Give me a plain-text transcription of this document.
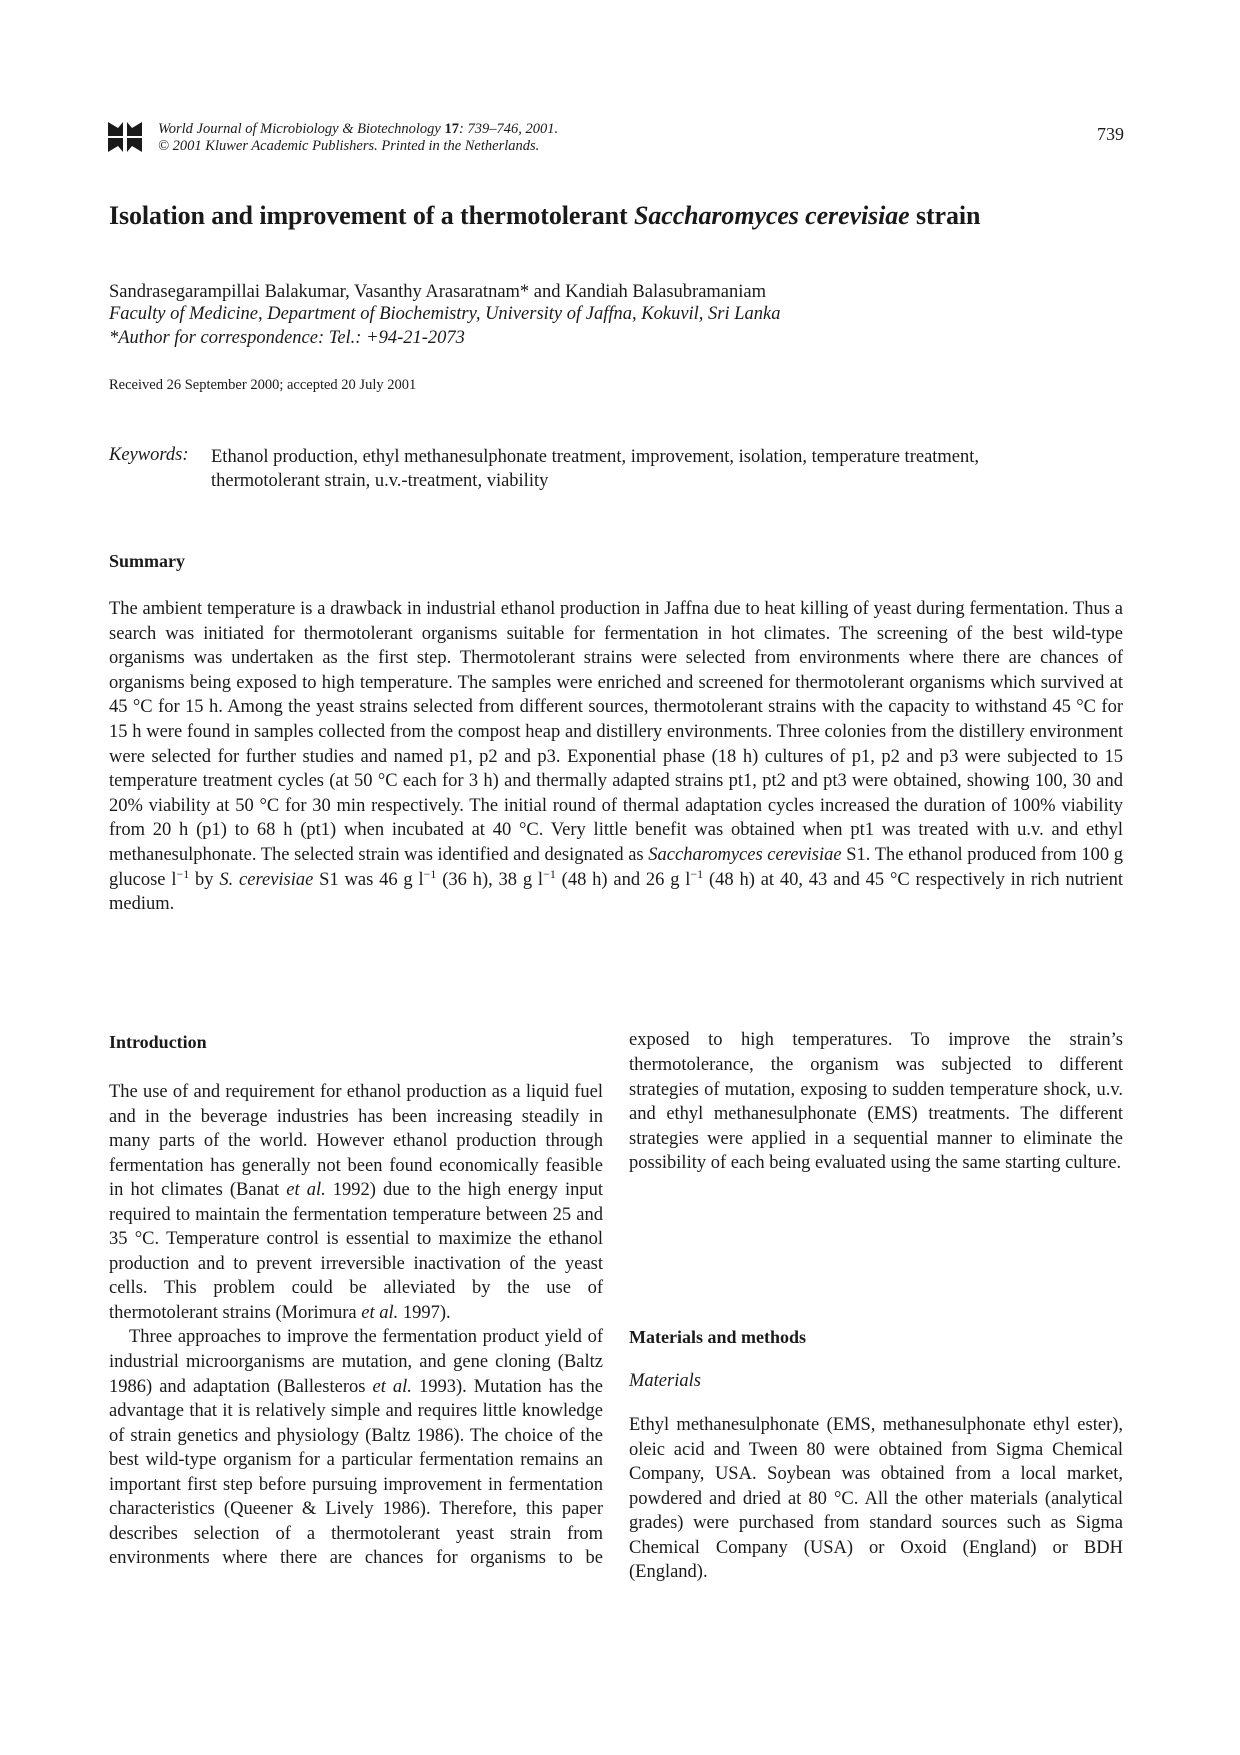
World Journal of Microbiology & Biotechnology 17: 739–746, 2001.
© 2001 Kluwer Academic Publishers. Printed in the Netherlands.
739
Isolation and improvement of a thermotolerant Saccharomyces cerevisiae strain
Sandrasegarampillai Balakumar, Vasanthy Arasaratnam* and Kandiah Balasubramaniam
Faculty of Medicine, Department of Biochemistry, University of Jaffna, Kokuvil, Sri Lanka
*Author for correspondence: Tel.: +94-21-2073
Received 26 September 2000; accepted 20 July 2001
Keywords: Ethanol production, ethyl methanesulphonate treatment, improvement, isolation, temperature treatment, thermotolerant strain, u.v.-treatment, viability
Summary
The ambient temperature is a drawback in industrial ethanol production in Jaffna due to heat killing of yeast during fermentation. Thus a search was initiated for thermotolerant organisms suitable for fermentation in hot climates. The screening of the best wild-type organisms was undertaken as the first step. Thermotolerant strains were selected from environments where there are chances of organisms being exposed to high temperature. The samples were enriched and screened for thermotolerant organisms which survived at 45 °C for 15 h. Among the yeast strains selected from different sources, thermotolerant strains with the capacity to withstand 45 °C for 15 h were found in samples collected from the compost heap and distillery environments. Three colonies from the distillery environment were selected for further studies and named p1, p2 and p3. Exponential phase (18 h) cultures of p1, p2 and p3 were subjected to 15 temperature treatment cycles (at 50 °C each for 3 h) and thermally adapted strains pt1, pt2 and pt3 were obtained, showing 100, 30 and 20% viability at 50 °C for 30 min respectively. The initial round of thermal adaptation cycles increased the duration of 100% viability from 20 h (p1) to 68 h (pt1) when incubated at 40 °C. Very little benefit was obtained when pt1 was treated with u.v. and ethyl methanesulphonate. The selected strain was identified and designated as Saccharomyces cerevisiae S1. The ethanol produced from 100 g glucose $l^{-1}$ by S. cerevisiae S1 was 46 g $l^{-1}$ (36 h), 38 g $l^{-1}$ (48 h) and 26 g $l^{-1}$ (48 h) at 40, 43 and 45 °C respectively in rich nutrient medium.

Introduction

The use of and requirement for ethanol production as a liquid fuel and in the beverage industries has been increasing steadily in many parts of the world. However ethanol production through fermentation has generally not been found economically feasible in hot climates (Banat et al. 1992) due to the high energy input required to maintain the fermentation temperature between 25 and 35 °C. Temperature control is essential to maximize the ethanol production and to prevent irreversible inactivation of the yeast cells. This problem could be alleviated by the use of thermotolerant strains (Morimura et al. 1997).

Three approaches to improve the fermentation product yield of industrial microorganisms are mutation, and gene cloning (Baltz 1986) and adaptation (Ballesteros et al. 1993). Mutation has the advantage that it is relatively simple and requires little knowledge of strain genetics and physiology (Baltz 1986). The choice of the best wild-type organism for a particular fermentation remains an important first step before pursuing improvement in fermentation characteristics (Queener & Lively 1986). Therefore, this paper describes selection of a thermotolerant yeast strain from environments where there are chances for organisms to be

exposed to high temperatures. To improve the strain’s thermotolerance, the organism was subjected to different strategies of mutation, exposing to sudden temperature shock, u.v. and ethyl methanesulphonate (EMS) treatments. The different strategies were applied in a sequential manner to eliminate the possibility of each being evaluated using the same starting culture.

Materials and methods

Materials

Ethyl methanesulphonate (EMS, methanesulphonate ethyl ester), oleic acid and Tween 80 were obtained from Sigma Chemical Company, USA. Soybean was obtained from a local market, powdered and dried at 80 °C. All the other materials (analytical grades) were purchased from standard sources such as Sigma Chemical Company (USA) or Oxoid (England) or BDH (England).
